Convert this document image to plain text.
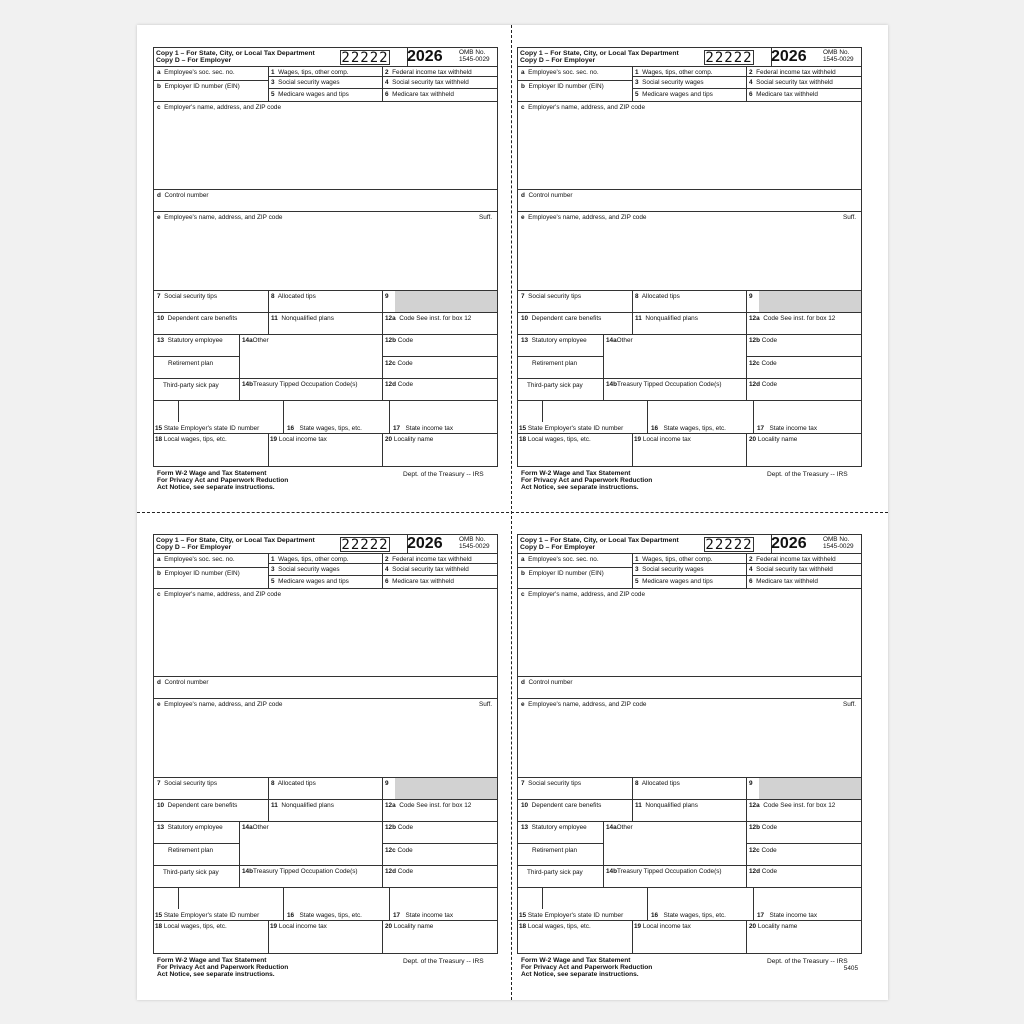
Copy 1 – For State, City, or Local Tax Department
Copy D – For Employer	22222 2026	OMB No.
1545-0029
a Employee's soc. sec. no.	1 Wages, tips, other comp.	2 Federal income tax withheld
3 Social security wages	4 Social security tax withheld
b Employer ID number (EIN)
5 Medicare wages and tips	6 Medicare tax withheld
c Employer's name, address, and ZIP code
d Control number
e Employee's name, address, and ZIP code	Suff.
7 Social security tips	8 Allocated tips	9
10 Dependent care benefits	11 Nonqualified plans	12a Code See inst. for box 12
13 Statutory employee	14aOther	12b Code
Retirement plan	12c Code
Third-party sick pay	14bTreasury Tipped Occupation Code(s)	12d Code
15 State Employer's state ID number	16 State wages, tips, etc.	17 State income tax
18 Local wages, tips, etc.	19 Local income tax	20 Locality name
Form W-2 Wage and Tax Statement
For Privacy Act and Paperwork Reduction
Act Notice, see separate instructions.
Dept. of the Treasury -- IRS
Copy 1 – For State, City, or Local Tax Department
Copy D – For Employer	22222 2026	OMB No.
1545-0029
a Employee's soc. sec. no.	1 Wages, tips, other comp.	2 Federal income tax withheld
3 Social security wages	4 Social security tax withheld
b Employer ID number (EIN)
5 Medicare wages and tips	6 Medicare tax withheld
c Employer's name, address, and ZIP code
d Control number
e Employee's name, address, and ZIP code	Suff.
7 Social security tips	8 Allocated tips	9
10 Dependent care benefits	11 Nonqualified plans	12a Code See inst. for box 12
13 Statutory employee	14aOther	12b Code
Retirement plan	12c Code
Third-party sick pay	14bTreasury Tipped Occupation Code(s)	12d Code
15 State Employer's state ID number	16 State wages, tips, etc.	17 State income tax
18 Local wages, tips, etc.	19 Local income tax	20 Locality name
Form W-2 Wage and Tax Statement
For Privacy Act and Paperwork Reduction
Act Notice, see separate instructions.
Dept. of the Treasury -- IRS
Copy 1 – For State, City, or Local Tax Department
Copy D – For Employer	22222 2026	OMB No.
1545-0029
a Employee's soc. sec. no.	1 Wages, tips, other comp.	2 Federal income tax withheld
3 Social security wages	4 Social security tax withheld
b Employer ID number (EIN)
5 Medicare wages and tips	6 Medicare tax withheld
c Employer's name, address, and ZIP code
d Control number
e Employee's name, address, and ZIP code	Suff.
7 Social security tips	8 Allocated tips	9
10 Dependent care benefits	11 Nonqualified plans	12a Code See inst. for box 12
13 Statutory employee	14aOther	12b Code
Retirement plan	12c Code
Third-party sick pay	14bTreasury Tipped Occupation Code(s)	12d Code
15 State Employer's state ID number	16 State wages, tips, etc.	17 State income tax
18 Local wages, tips, etc.	19 Local income tax	20 Locality name
Form W-2 Wage and Tax Statement
For Privacy Act and Paperwork Reduction
Act Notice, see separate instructions.
Dept. of the Treasury -- IRS
Copy 1 – For State, City, or Local Tax Department
Copy D – For Employer	22222 2026	OMB No.
1545-0029
a Employee's soc. sec. no.	1 Wages, tips, other comp.	2 Federal income tax withheld
3 Social security wages	4 Social security tax withheld
b Employer ID number (EIN)
5 Medicare wages and tips	6 Medicare tax withheld
c Employer's name, address, and ZIP code
d Control number
e Employee's name, address, and ZIP code	Suff.
7 Social security tips	8 Allocated tips	9
10 Dependent care benefits	11 Nonqualified plans	12a Code See inst. for box 12
13 Statutory employee	14aOther	12b Code
Retirement plan	12c Code
Third-party sick pay	14bTreasury Tipped Occupation Code(s)	12d Code
15 State Employer's state ID number	16 State wages, tips, etc.	17 State income tax
18 Local wages, tips, etc.	19 Local income tax	20 Locality name
Form W-2 Wage and Tax Statement
For Privacy Act and Paperwork Reduction
Act Notice, see separate instructions.
Dept. of the Treasury -- IRS
5405
